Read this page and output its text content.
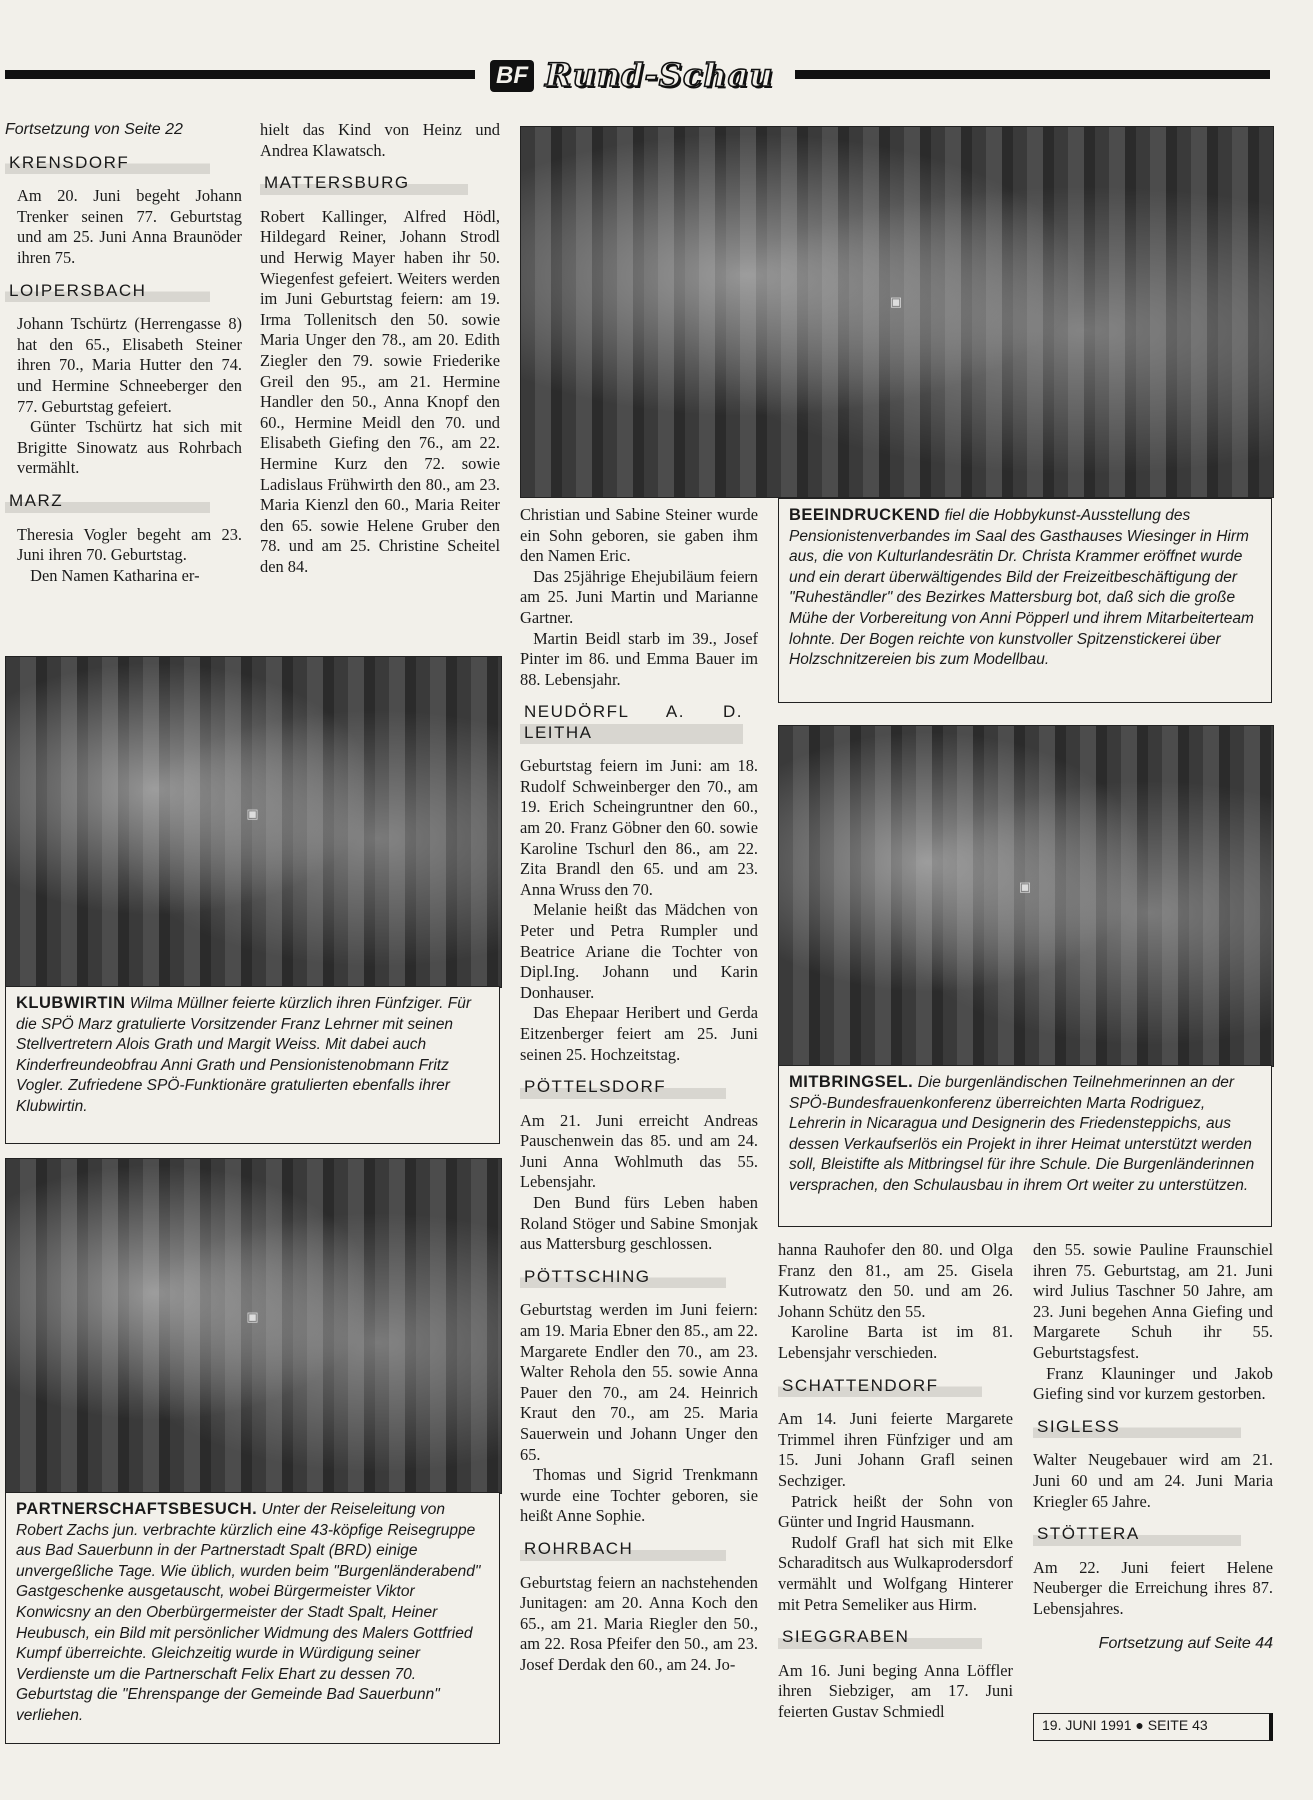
BF Rund-Schau
Fortsetzung von Seite 22
KRENSDORF

Am 20. Juni begeht Johann Trenker seinen 77. Geburtstag und am 25. Juni Anna Braunöder ihren 75.

LOIPERSBACH

Johann Tschürtz (Herrengasse 8) hat den 65., Elisabeth Steiner ihren 70., Maria Hutter den 74. und Hermine Schneeberger den 77. Geburtstag gefeiert.

Günter Tschürtz hat sich mit Brigitte Sinowatz aus Rohrbach vermählt.

MARZ

Theresia Vogler begeht am 23. Juni ihren 70. Geburtstag.

Den Namen Katharina er-

hielt das Kind von Heinz und Andrea Klawatsch.

MATTERSBURG

Robert Kallinger, Alfred Hödl, Hildegard Reiner, Johann Strodl und Herwig Mayer haben ihr 50. Wiegenfest gefeiert. Weiters werden im Juni Geburtstag feiern: am 19. Irma Tollenitsch den 50. sowie Maria Unger den 78., am 20. Edith Ziegler den 79. sowie Friederike Greil den 95., am 21. Hermine Handler den 50., Anna Knopf den 60., Hermine Meidl den 70. und Elisabeth Giefing den 76., am 22. Hermine Kurz den 72. sowie Ladislaus Frühwirth den 80., am 23. Maria Kienzl den 60., Maria Reiter den 65. sowie Helene Gruber den 78. und am 25. Christine Scheitel den 84.

▣

Christian und Sabine Steiner wurde ein Sohn geboren, sie gaben ihm den Namen Eric.

Das 25jährige Ehejubiläum feiern am 25. Juni Martin und Marianne Gartner.

Martin Beidl starb im 39., Josef Pinter im 86. und Emma Bauer im 88. Lebensjahr.

BEEINDRUCKEND fiel die Hobbykunst-Ausstellung des Pensionistenverbandes im Saal des Gasthauses Wiesinger in Hirm aus, die von Kulturlandesrätin Dr. Christa Krammer eröffnet wurde und ein derart überwältigendes Bild der Freizeitbeschäftigung der "Ruheständler" des Bezirkes Mattersburg bot, daß sich die große Mühe der Vorbereitung von Anni Pöpperl und ihrem Mitarbeiterteam lohnte. Der Bogen reichte von kunstvoller Spitzenstickerei über Holzschnitzereien bis zum Modellbau.
▣
KLUBWIRTIN Wilma Müllner feierte kürzlich ihren Fünfziger. Für die SPÖ Marz gratulierte Vorsitzender Franz Lehrner mit seinen Stellvertretern Alois Grath und Margit Weiss. Mit dabei auch Kinderfreundeobfrau Anni Grath und Pensionistenobmann Fritz Vogler. Zufriedene SPÖ-Funktionäre gratulierten ebenfalls ihrer Klubwirtin.
NEUDÖRFL A. D. LEITHA

Geburtstag feiern im Juni: am 18. Rudolf Schweinberger den 70., am 19. Erich Scheingruntner den 60., am 20. Franz Göbner den 60. sowie Karoline Tschurl den 86., am 22. Zita Brandl den 65. und am 23. Anna Wruss den 70.

Melanie heißt das Mädchen von Peter und Petra Rumpler und Beatrice Ariane die Tochter von Dipl.Ing. Johann und Karin Donhauser.

Das Ehepaar Heribert und Gerda Eitzenberger feiert am 25. Juni seinen 25. Hochzeitstag.

PÖTTELSDORF

Am 21. Juni erreicht Andreas Pauschenwein das 85. und am 24. Juni Anna Wohlmuth das 55. Lebensjahr.

Den Bund fürs Leben haben Roland Stöger und Sabine Smonjak aus Mattersburg geschlossen.

PÖTTSCHING

Geburtstag werden im Juni feiern: am 19. Maria Ebner den 85., am 22. Margarete Endler den 70., am 23. Walter Rehola den 55. sowie Anna Pauer den 70., am 24. Heinrich Kraut den 70., am 25. Maria Sauerwein und Johann Unger den 65.

Thomas und Sigrid Trenkmann wurde eine Tochter geboren, sie heißt Anne Sophie.

ROHRBACH

Geburtstag feiern an nachstehenden Junitagen: am 20. Anna Koch den 65., am 21. Maria Riegler den 50., am 22. Rosa Pfeifer den 50., am 23. Josef Derdak den 60., am 24. Jo-

▣
MITBRINGSEL. Die burgenländischen Teilnehmerinnen an der SPÖ-Bundesfrauenkonferenz überreichten Marta Rodriguez, Lehrerin in Nicaragua und Designerin des Friedensteppichs, aus dessen Verkaufserlös ein Projekt in ihrer Heimat unterstützt werden soll, Bleistifte als Mitbringsel für ihre Schule. Die Burgenländerinnen versprachen, den Schulausbau in ihrem Ort weiter zu unterstützen.
▣
PARTNERSCHAFTSBESUCH. Unter der Reiseleitung von Robert Zachs jun. verbrachte kürzlich eine 43-köpfige Reisegruppe aus Bad Sauerbunn in der Partnerstadt Spalt (BRD) einige unvergeßliche Tage. Wie üblich, wurden beim "Burgenländerabend" Gastgeschenke ausgetauscht, wobei Bürgermeister Viktor Konwicsny an den Oberbürgermeister der Stadt Spalt, Heiner Heubusch, ein Bild mit persönlicher Widmung des Malers Gottfried Kumpf überreichte. Gleichzeitig wurde in Würdigung seiner Verdienste um die Partnerschaft Felix Ehart zu dessen 70. Geburtstag die "Ehrenspange der Gemeinde Bad Sauerbunn" verliehen.

hanna Rauhofer den 80. und Olga Franz den 81., am 25. Gisela Kutrowatz den 50. und am 26. Johann Schütz den 55.

Karoline Barta ist im 81. Lebensjahr verschieden.

SCHATTENDORF

Am 14. Juni feierte Margarete Trimmel ihren Fünfziger und am 15. Juni Johann Grafl seinen Sechziger.

Patrick heißt der Sohn von Günter und Ingrid Hausmann.

Rudolf Grafl hat sich mit Elke Scharaditsch aus Wulkaprodersdorf vermählt und Wolfgang Hinterer mit Petra Semeliker aus Hirm.

SIEGGRABEN

Am 16. Juni beging Anna Löffler ihren Siebziger, am 17. Juni feierten Gustav Schmiedl

den 55. sowie Pauline Fraunschiel ihren 75. Geburtstag, am 21. Juni wird Julius Taschner 50 Jahre, am 23. Juni begehen Anna Giefing und Margarete Schuh ihr 55. Geburtstagsfest.

Franz Klauninger und Jakob Giefing sind vor kurzem gestorben.

SIGLESS

Walter Neugebauer wird am 21. Juni 60 und am 24. Juni Maria Kriegler 65 Jahre.

STÖTTERA

Am 22. Juni feiert Helene Neuberger die Erreichung ihres 87. Lebensjahres.

Fortsetzung auf Seite 44
19. JUNI 1991 ● SEITE 43
